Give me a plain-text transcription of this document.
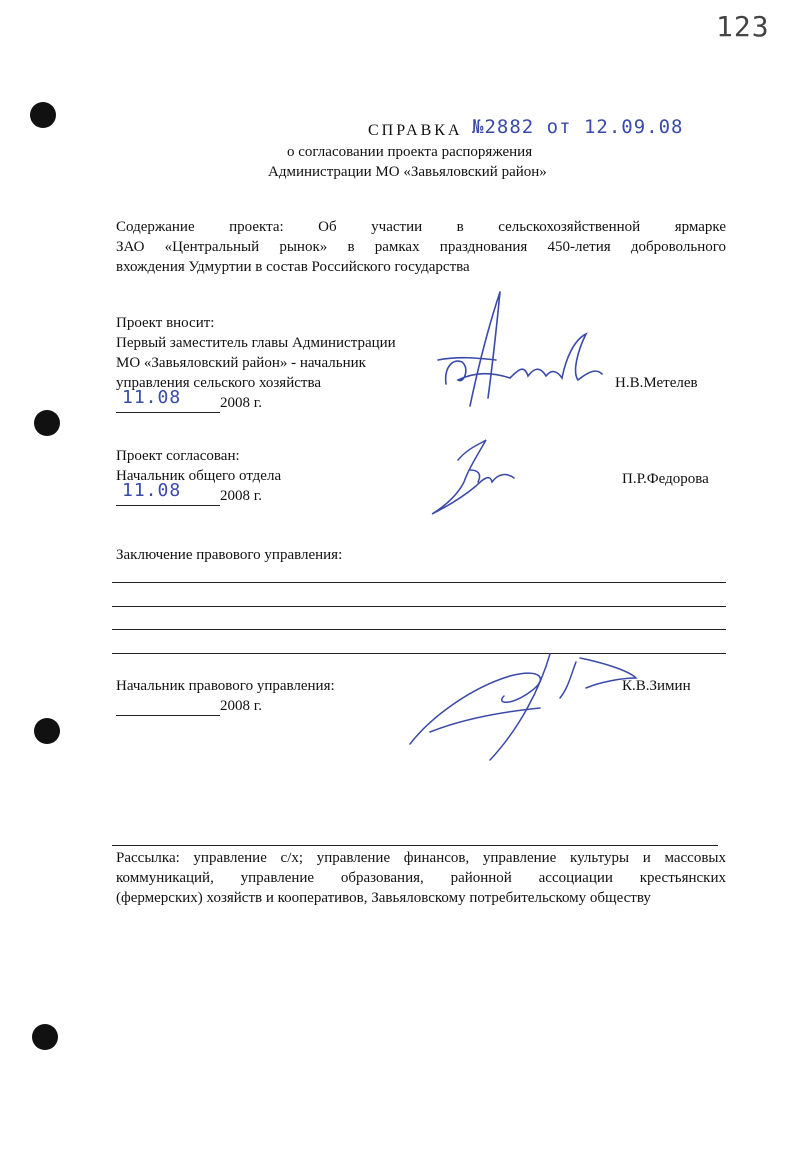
123
СПРАВКА №2882 от 12.09.08
о согласовании проекта распоряжения
Администрации МО «Завьяловский район»
Содержание проекта: Об участии в сельскохозяйственной ярмарке
ЗАО «Центральный рынок» в рамках празднования 450-летия добровольного
вхождения Удмуртии в состав Российского государства
Проект вносит:
Первый заместитель главы Администрации
МО «Завьяловский район» - начальник
управления сельского хозяйства
11.08	2008 г.
Н.В.Метелев
Проект согласован:
Начальник общего отдела
11.08	2008 г.
П.Р.Федорова
Заключение правового управления:
Начальник правового управления:
2008 г.
К.В.Зимин
Рассылка: управление с/х; управление финансов, управление культуры и массовых
коммуникаций, управление образования, районной ассоциации крестьянских
(фермерских) хозяйств и кооперативов, Завьяловскому потребительскому обществу
